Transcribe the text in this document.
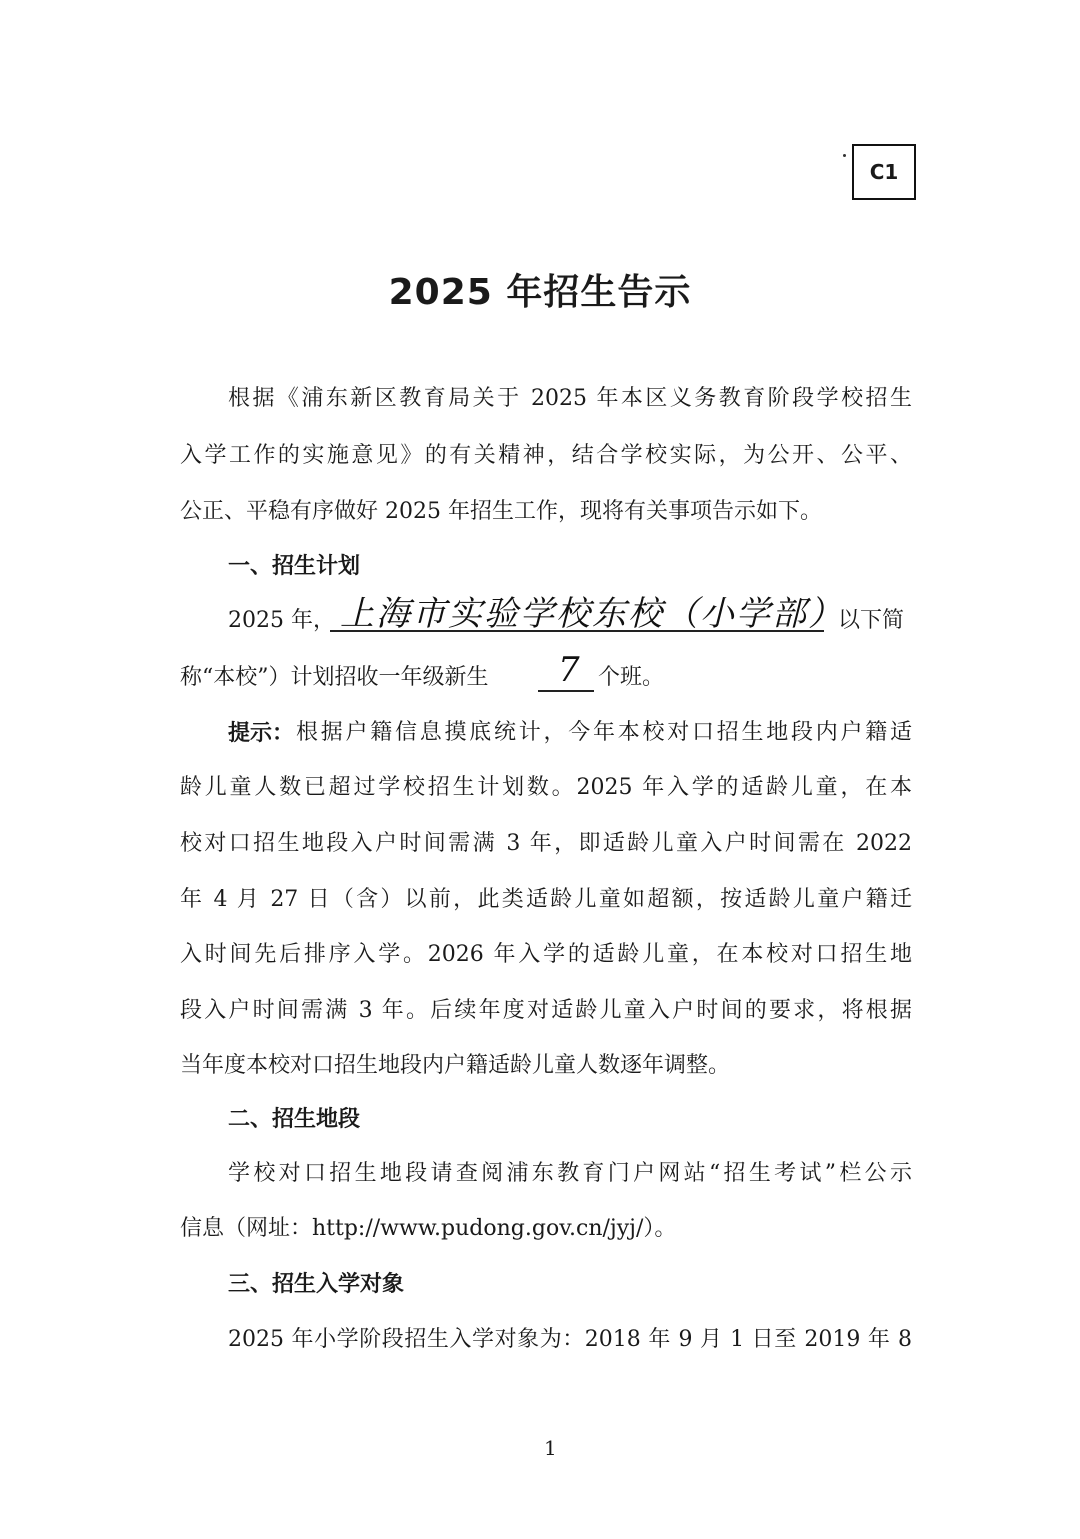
C1
2025 年招生告示
根据《浦东新区教育局关于 2025 年本区义务教育阶段学校招生
入学工作的实施意见》的有关精神，结合学校实际，为公开、公平、
公正、平稳有序做好 2025 年招生工作，现将有关事项告示如下。
一、招生计划
2025 年， 上海市实验学校东校（小学部）
以下简
称“本校”）计划招收一年级新生 7 个班。
提示： 根据户籍信息摸底统计，今年本校对口招生地段内户籍适
龄儿童人数已超过学校招生计划数。2025 年入学的适龄儿童，在本
校对口招生地段入户时间需满 3 年，即适龄儿童入户时间需在 2022
年 4 月 27 日（含）以前，此类适龄儿童如超额，按适龄儿童户籍迁
入时间先后排序入学。2026 年入学的适龄儿童，在本校对口招生地
段入户时间需满 3 年。后续年度对适龄儿童入户时间的要求，将根据
当年度本校对口招生地段内户籍适龄儿童人数逐年调整。
二、招生地段
学校对口招生地段请查阅浦东教育门户网站“招生考试”栏公示
信息（网址：http://www.pudong.gov.cn/jyj/）。
三、招生入学对象
2025 年小学阶段招生入学对象为：2018 年 9 月 1 日至 2019 年 8
1
